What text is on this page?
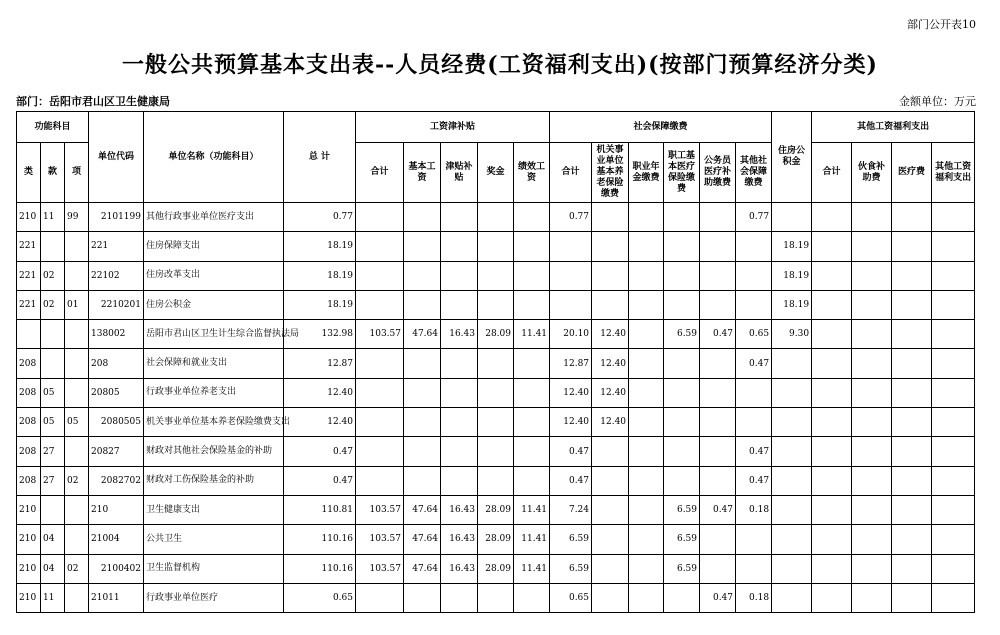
部门公开表10
一般公共预算基本支出表--人员经费(工资福利支出)(按部门预算经济分类)
部门：岳阳市君山区卫生健康局	金额单位：万元
功能科目			单位代码	单位名称（功能科目）	总 计	工资津补贴					社会保障缴费						住房公积金	其他工资福利支出			
类	款	项				合计	基本工资	津贴补贴	奖金	绩效工资	合计	机关事业单位基本养老保险缴费	职业年金缴费	职工基本医疗保险缴费	公务员医疗补助缴费	其他社会保障缴费		合计	伙食补助费	医疗费	其他工资福利支出
210	11	99	2101199	其他行政事业单位医疗支出	0.77						0.77					0.77					
221			221	住房保障支出	18.19												18.19				
221	02		22102	住房改革支出	18.19												18.19				
221	02	01	2210201	住房公积金	18.19												18.19				
			138002	岳阳市君山区卫生计生综合监督执法局	132.98	103.57	47.64	16.43	28.09	11.41	20.10	12.40		6.59	0.47	0.65	9.30				
208			208	社会保障和就业支出	12.87						12.87	12.40				0.47					
208	05		20805	行政事业单位养老支出	12.40						12.40	12.40									
208	05	05	2080505	机关事业单位基本养老保险缴费支出	12.40						12.40	12.40									
208	27		20827	财政对其他社会保险基金的补助	0.47						0.47					0.47					
208	27	02	2082702	财政对工伤保险基金的补助	0.47						0.47					0.47					
210			210	卫生健康支出	110.81	103.57	47.64	16.43	28.09	11.41	7.24			6.59	0.47	0.18					
210	04		21004	公共卫生	110.16	103.57	47.64	16.43	28.09	11.41	6.59			6.59							
210	04	02	2100402	卫生监督机构	110.16	103.57	47.64	16.43	28.09	11.41	6.59			6.59							
210	11		21011	行政事业单位医疗	0.65						0.65				0.47	0.18					
